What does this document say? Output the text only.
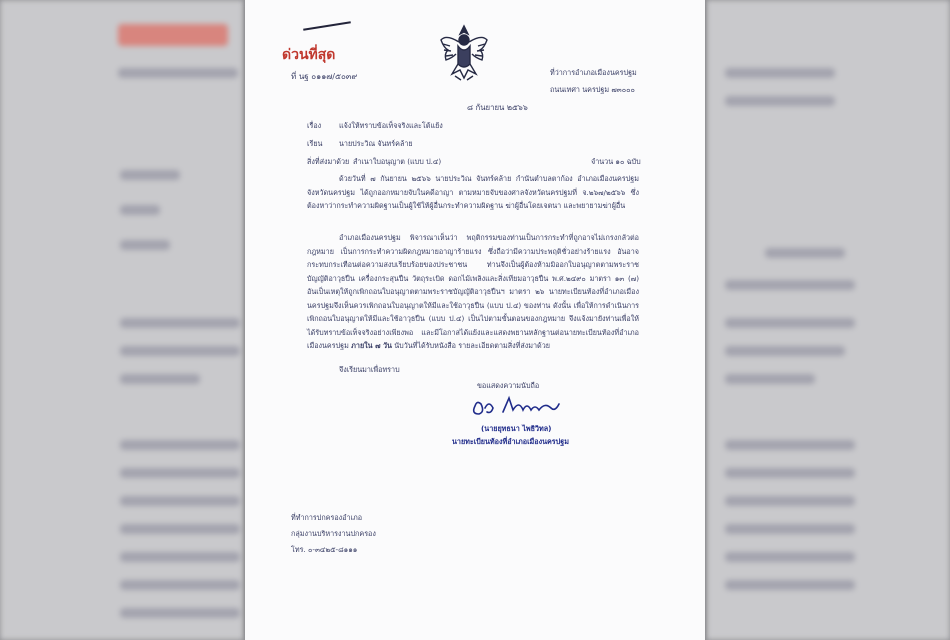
ด่วนที่สุด
ที่ นฐ ๐๑๑๗/๕๐๓๙	ที่ว่าการอำเภอเมืองนครปฐม
ถนนเทศา นครปฐม ๗๓๐๐๐
๘ กันยายน ๒๕๖๖
เรื่อง แจ้งให้ทราบข้อเท็จจริงและโต้แย้ง
เรียน นายประวิณ จันทร์คล้าย
สิ่งที่ส่งมาด้วย สำเนาใบอนุญาต (แบบ ป.๔)	จำนวน ๑๐ ฉบับ
ด้วยวันที่ ๗ กันยายน ๒๕๖๖ นายประวิณ จันทร์คล้าย กำนันตำบลตาก้อง อำเภอเมืองนครปฐม จังหวัดนครปฐม ได้ถูกออกหมายจับในคดีอาญา ตามหมายจับของศาลจังหวัดนครปฐมที่ จ.๒๖๗/๒๕๖๖ ซึ่งต้องหาว่ากระทำความผิดฐานเป็นผู้ใช้ให้ผู้อื่นกระทำความผิดฐาน ฆ่าผู้อื่นโดยเจตนา และพยายามฆ่าผู้อื่น
อำเภอเมืองนครปฐม พิจารณาเห็นว่า พฤติกรรมของท่านเป็นการกระทำที่ถูกอาจไม่เกรงกลัวต่อกฎหมาย เป็นการกระทำความผิดกฎหมายอาญาร้ายแรง ซึ่งถือว่ามีความประพฤติชั่วอย่างร้ายแรง อันอาจกระทบกระเทือนต่อความสงบเรียบร้อยของประชาชน ท่านจึงเป็นผู้ต้องห้ามมิออกใบอนุญาตตามพระราชบัญญัติอาวุธปืน เครื่องกระสุนปืน วัตถุระเบิด ดอกไม้เพลิงและสิ่งเทียมอาวุธปืน พ.ศ.๒๔๙๐ มาตรา ๑๓ (๗) อันเป็นเหตุให้ถูกเพิกถอนใบอนุญาตตามพระราชบัญญัติอาวุธปืนฯ มาตรา ๒๖ นายทะเบียนท้องที่อำเภอเมืองนครปฐมจึงเห็นควรเพิกถอนใบอนุญาตให้มีและใช้อาวุธปืน (แบบ ป.๔) ของท่าน ดังนั้น เพื่อให้การดำเนินการเพิกถอนใบอนุญาตให้มีและใช้อาวุธปืน (แบบ ป.๔) เป็นไปตามขั้นตอนของกฎหมาย จึงแจ้งมายังท่านเพื่อให้ได้รับทราบข้อเท็จจริงอย่างเพียงพอ และมีโอกาสได้แย้งและแสดงพยานหลักฐานต่อนายทะเบียนท้องที่อำเภอเมืองนครปฐม ภายใน ๗ วัน นับวันที่ได้รับหนังสือ รายละเอียดตามสิ่งที่ส่งมาด้วย
จึงเรียนมาเพื่อทราบ
ขอแสดงความนับถือ
(นายยุทธนา ไพธิวิทล)
นายทะเบียนท้องที่อำเภอเมืองนครปฐม
ที่ทำการปกครองอำเภอ
กลุ่มงานบริหารงานปกครอง
โทร. ๐-๓๔๒๕-๘๑๑๑
